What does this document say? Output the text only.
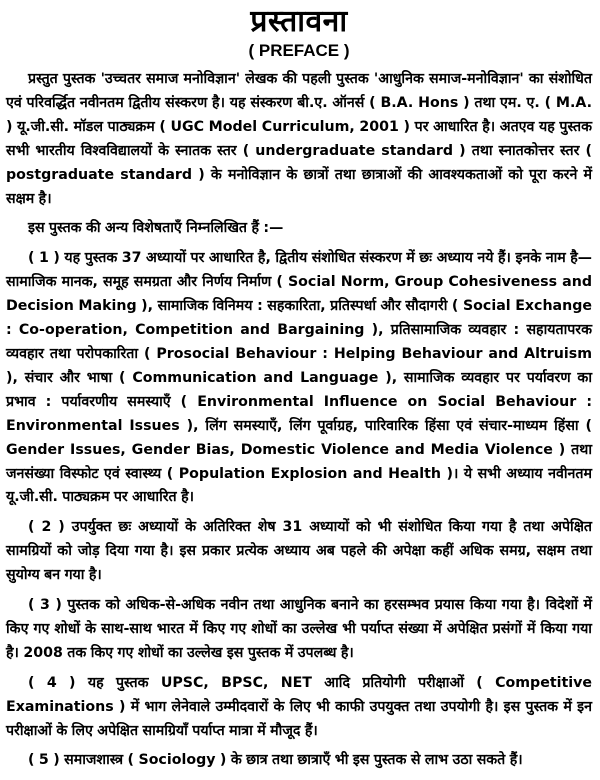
प्रस्तावना
( PREFACE )

प्रस्तुत पुस्तक 'उच्चतर समाज मनोविज्ञान' लेखक की पहली पुस्तक 'आधुनिक समाज-मनोविज्ञान' का संशोधित एवं परिवर्द्धित नवीनतम द्वितीय संस्करण है। यह संस्करण बी.ए. ऑनर्स ( B.A. Hons ) तथा एम. ए. ( M.A. ) यू.जी.सी. मॉडल पाठ्यक्रम ( UGC Model Curriculum, 2001 ) पर आधारित है। अतएव यह पुस्तक सभी भारतीय विश्वविद्यालयों के स्नातक स्तर ( undergraduate standard ) तथा स्नातकोत्तर स्तर ( postgraduate standard ) के मनोविज्ञान के छात्रों तथा छात्राओं की आवश्यकताओं को पूरा करने में सक्षम है।

इस पुस्तक की अन्य विशेषताएँ निम्नलिखित हैं :—

( 1 ) यह पुस्तक 37 अध्यायों पर आधारित है, द्वितीय संशोधित संस्करण में छः अध्याय नये हैं। इनके नाम है—सामाजिक मानक, समूह समग्रता और निर्णय निर्माण ( Social Norm, Group Cohesiveness and Decision Making ), सामाजिक विनिमय : सहकारिता, प्रतिस्पर्धा और सौदागरी ( Social Exchange : Co-operation, Competition and Bargaining ), प्रतिसामाजिक व्यवहार : सहायतापरक व्यवहार तथा परोपकारिता ( Prosocial Behaviour : Helping Behaviour and Altruism ), संचार और भाषा ( Communication and Language ), सामाजिक व्यवहार पर पर्यावरण का प्रभाव : पर्यावरणीय समस्याएँ ( Environmental Influence on Social Behaviour : Environmental Issues ), लिंग समस्याएँ, लिंग पूर्वाग्रह, पारिवारिक हिंसा एवं संचार-माध्यम हिंसा ( Gender Issues, Gender Bias, Domestic Violence and Media Violence ) तथा जनसंख्या विस्फोट एवं स्वास्थ्य ( Population Explosion and Health )। ये सभी अध्याय नवीनतम यू.जी.सी. पाठ्यक्रम पर आधारित है।

( 2 ) उपर्युक्त छः अध्यायों के अतिरिक्त शेष 31 अध्यायों को भी संशोधित किया गया है तथा अपेक्षित सामग्रियों को जोड़ दिया गया है। इस प्रकार प्रत्येक अध्याय अब पहले की अपेक्षा कहीं अधिक समग्र, सक्षम तथा सुयोग्य बन गया है।

( 3 ) पुस्तक को अधिक-से-अधिक नवीन तथा आधुनिक बनाने का हरसम्भव प्रयास किया गया है। विदेशों में किए गए शोधों के साथ-साथ भारत में किए गए शोधों का उल्लेख भी पर्याप्त संख्या में अपेक्षित प्रसंगों में किया गया है। 2008 तक किए गए शोधों का उल्लेख इस पुस्तक में उपलब्ध है।

( 4 ) यह पुस्तक UPSC, BPSC, NET आदि प्रतियोगी परीक्षाओं ( Competitive Examinations ) में भाग लेनेवाले उम्मीदवारों के लिए भी काफी उपयुक्त तथा उपयोगी है। इस पुस्तक में इन परीक्षाओं के लिए अपेक्षित सामग्रियाँ पर्याप्त मात्रा में मौजूद हैं।

( 5 ) समाजशास्त्र ( Sociology ) के छात्र तथा छात्राएँ भी इस पुस्तक से लाभ उठा सकते हैं।
